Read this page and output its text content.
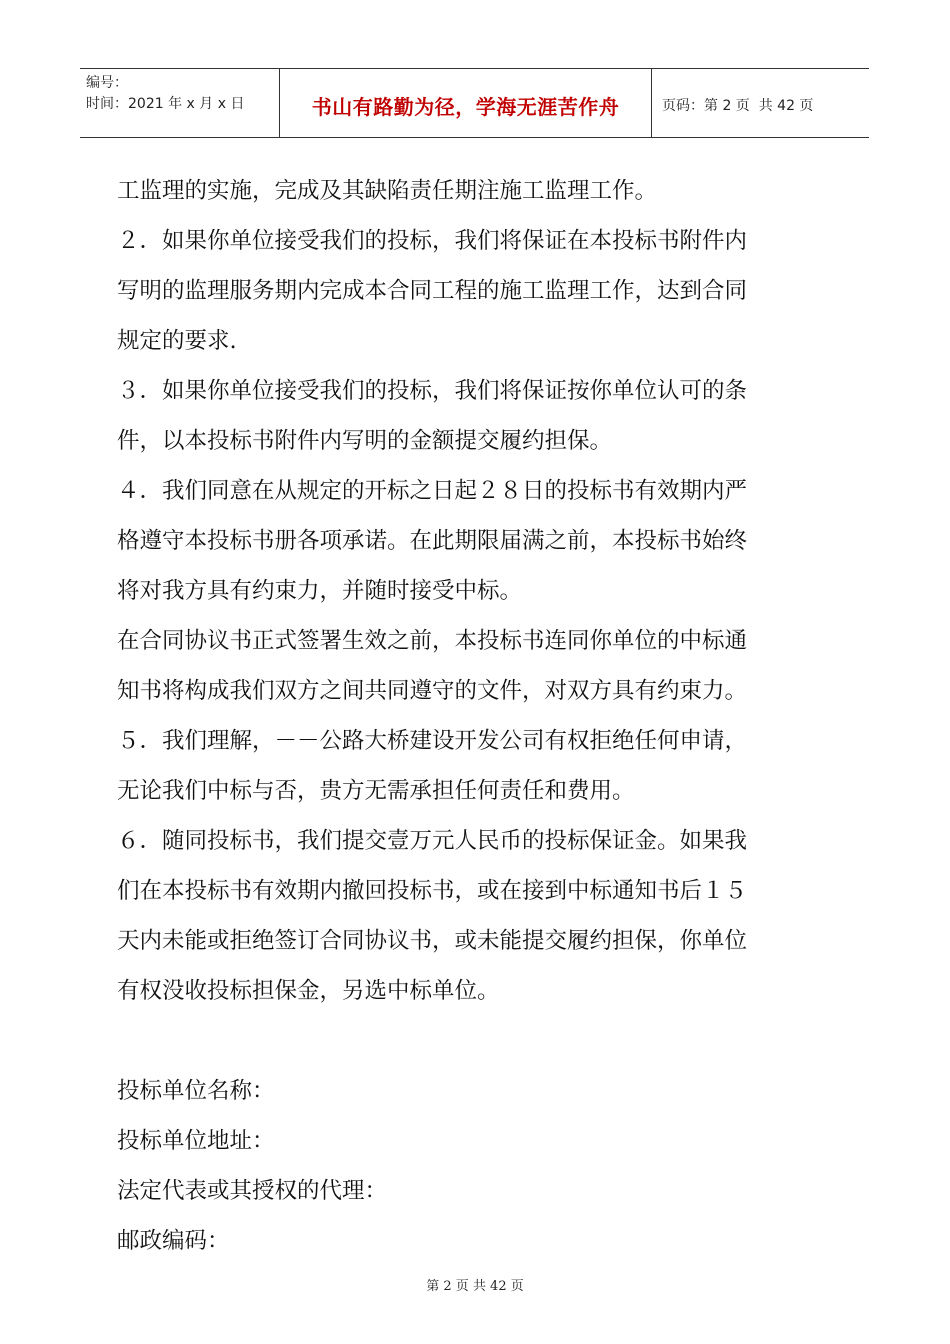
编号：
时间：2021 年 x 月 x 日	书山有路勤为径，学海无涯苦作舟	页码：第 2 页  共 42 页

工监理的实施，完成及其缺陷责任期注施工监理工作。

２．如果你单位接受我们的投标，我们将保证在本投标书附件内

写明的监理服务期内完成本合同工程的施工监理工作，达到合同

规定的要求.

３．如果你单位接受我们的投标，我们将保证按你单位认可的条

件，以本投标书附件内写明的金额提交履约担保。

４．我们同意在从规定的开标之日起２８日的投标书有效期内严

格遵守本投标书册各项承诺。在此期限届满之前，本投标书始终

将对我方具有约束力，并随时接受中标。

在合同协议书正式签署生效之前，本投标书连同你单位的中标通

知书将构成我们双方之间共同遵守的文件，对双方具有约束力。

５．我们理解，－－公路大桥建设开发公司有权拒绝任何申请，

无论我们中标与否，贵方无需承担任何责任和费用。

６．随同投标书，我们提交壹万元人民币的投标保证金。如果我

们在本投标书有效期内撤回投标书，或在接到中标通知书后１５

天内未能或拒绝签订合同协议书，或未能提交履约担保，你单位

有权没收投标担保金，另选中标单位。

投标单位名称：

投标单位地址：

法定代表或其授权的代理：

邮政编码：

第 2 页 共 42 页
